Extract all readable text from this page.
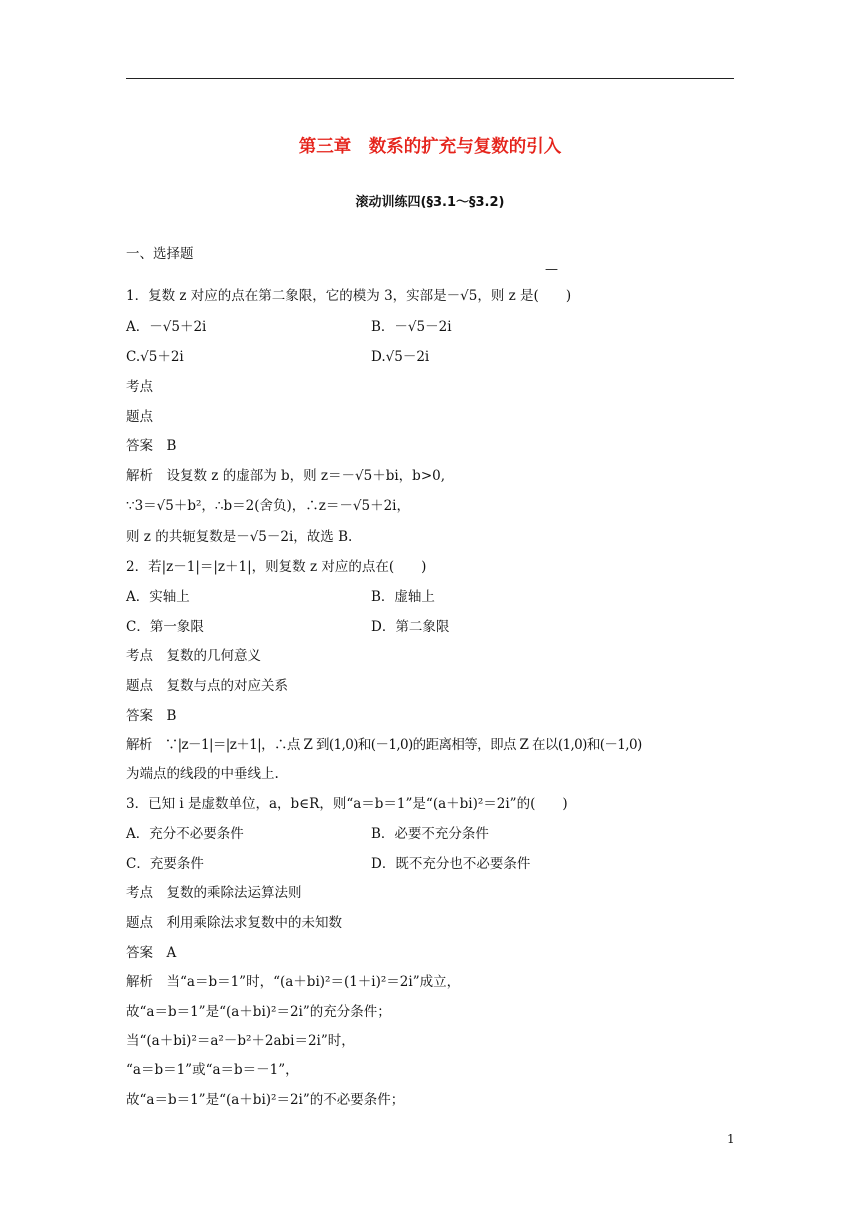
第三章　数系的扩充与复数的引入
滚动训练四(§3.1～§3.2)
一、选择题
—
1．复数 z 对应的点在第二象限，它的模为 3，实部是－√5，则 z 是(　　)
A．－√5＋2i	B．－√5－2i
C.√5＋2i	D.√5－2i
考点
题点
答案　B
解析　设复数 z 的虚部为 b，则 z＝－√5＋bi，b>0,
∵3＝√5＋b²，∴b＝2(舍负)，∴z＝－√5＋2i，
则 z 的共轭复数是－√5－2i，故选 B.
2．若|z－1|＝|z＋1|，则复数 z 对应的点在(　　)
A．实轴上	B．虚轴上
C．第一象限	D．第二象限
考点　复数的几何意义
题点　复数与点的对应关系
答案　B
解析　∵|z－1|＝|z＋1|，∴点 Z 到(1,0)和(－1,0)的距离相等，即点 Z 在以(1,0)和(－1,0)
为端点的线段的中垂线上.
3．已知 i 是虚数单位，a，b∈R，则“a＝b＝1”是“(a＋bi)²＝2i”的(　　)
A．充分不必要条件	B．必要不充分条件
C．充要条件	D．既不充分也不必要条件
考点　复数的乘除法运算法则
题点　利用乘除法求复数中的未知数
答案　A
解析　当“a＝b＝1”时，“(a＋bi)²＝(1＋i)²＝2i”成立，
故“a＝b＝1”是“(a＋bi)²＝2i”的充分条件；
当“(a＋bi)²＝a²－b²＋2abi＝2i”时，
“a＝b＝1”或“a＝b＝－1”，
故“a＝b＝1”是“(a＋bi)²＝2i”的不必要条件；
1
